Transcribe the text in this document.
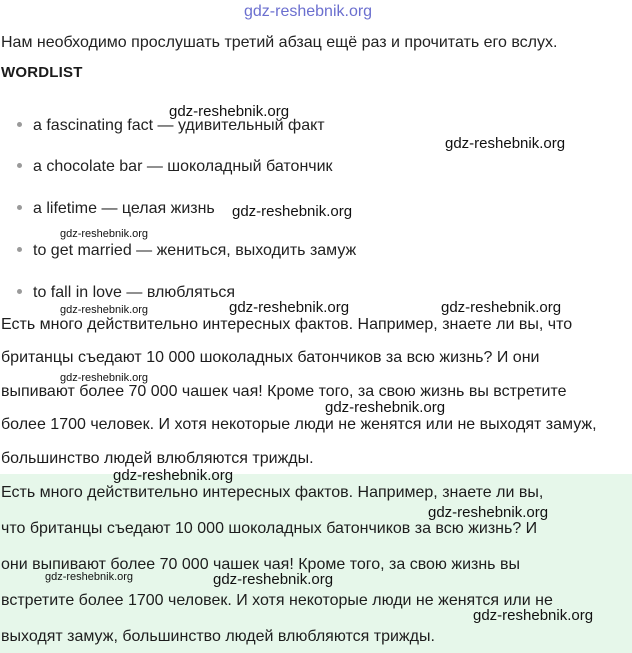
gdz-reshebnik.org
Нам необходимо прослушать третий абзац ещё раз и прочитать его вслух.
WORDLIST
a fascinating fact — удивительный факт
a chocolate bar — шоколадный батончик
a lifetime — целая жизнь
to get married — жениться, выходить замуж
to fall in love — влюбляться
Есть много действительно интересных фактов. Например, знаете ли вы, что
британцы съедают 10 000 шоколадных батончиков за всю жизнь? И они
выпивают более 70 000 чашек чая! Кроме того, за свою жизнь вы встретите
более 1700 человек. И хотя некоторые люди не женятся или не выходят замуж,
большинство людей влюбляются трижды.
Есть много действительно интересных фактов. Например, знаете ли вы,
что британцы съедают 10 000 шоколадных батончиков за всю жизнь? И
они выпивают более 70 000 чашек чая! Кроме того, за свою жизнь вы
встретите более 1700 человек. И хотя некоторые люди не женятся или не
выходят замуж, большинство людей влюбляются трижды.
gdz-reshebnik.org
gdz-reshebnik.org
gdz-reshebnik.org
gdz-reshebnik.org
gdz-reshebnik.org	gdz-reshebnik.org	gdz-reshebnik.org
gdz-reshebnik.org
gdz-reshebnik.org
gdz-reshebnik.org
gdz-reshebnik.org
gdz-reshebnik.org	gdz-reshebnik.org
gdz-reshebnik.org
